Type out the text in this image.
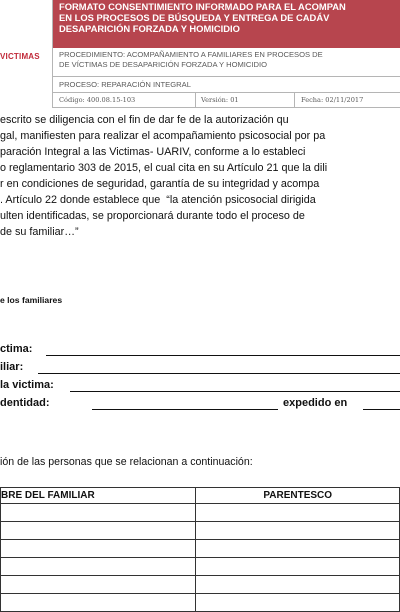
VICTIMAS
FORMATO CONSENTIMIENTO INFORMADO PARA EL ACOMPAN
EN LOS PROCESOS DE BÚSQUEDA Y ENTREGA DE CADÁV
DESAPARICIÓN FORZADA Y HOMICIDIO
PROCEDIMIENTO: ACOMPAÑAMIENTO A FAMILIARES EN PROCESOS DE
DE VÍCTIMAS DE DESAPARICIÓN FORZADA Y HOMICIDIO
PROCESO: REPARACIÓN INTEGRAL
Código: 400.08.15-103	Versión: 01	Fecha: 02/11/2017
escrito se diligencia con el fin de dar fe de la autorización qu
gal, manifiesten para realizar el acompañamiento psicosocial por pa
paración Integral a las Victimas- UARIV, conforme a lo estableci
o reglamentario 303 de 2015, el cual cita en su Artículo 21 que la dili
r en condiciones de seguridad, garantía de su integridad y acompa
. Artículo 22 donde establece que  “la atención psicosocial dirigida
ulten identificadas, se proporcionará durante todo el proceso de
de su familiar…”
e los familiares
ctima:
iliar:
la victima:
dentidad:	expedido en
ión de las personas que se relacionan a continuación:
BRE DEL FAMILIAR	PARENTESCO
